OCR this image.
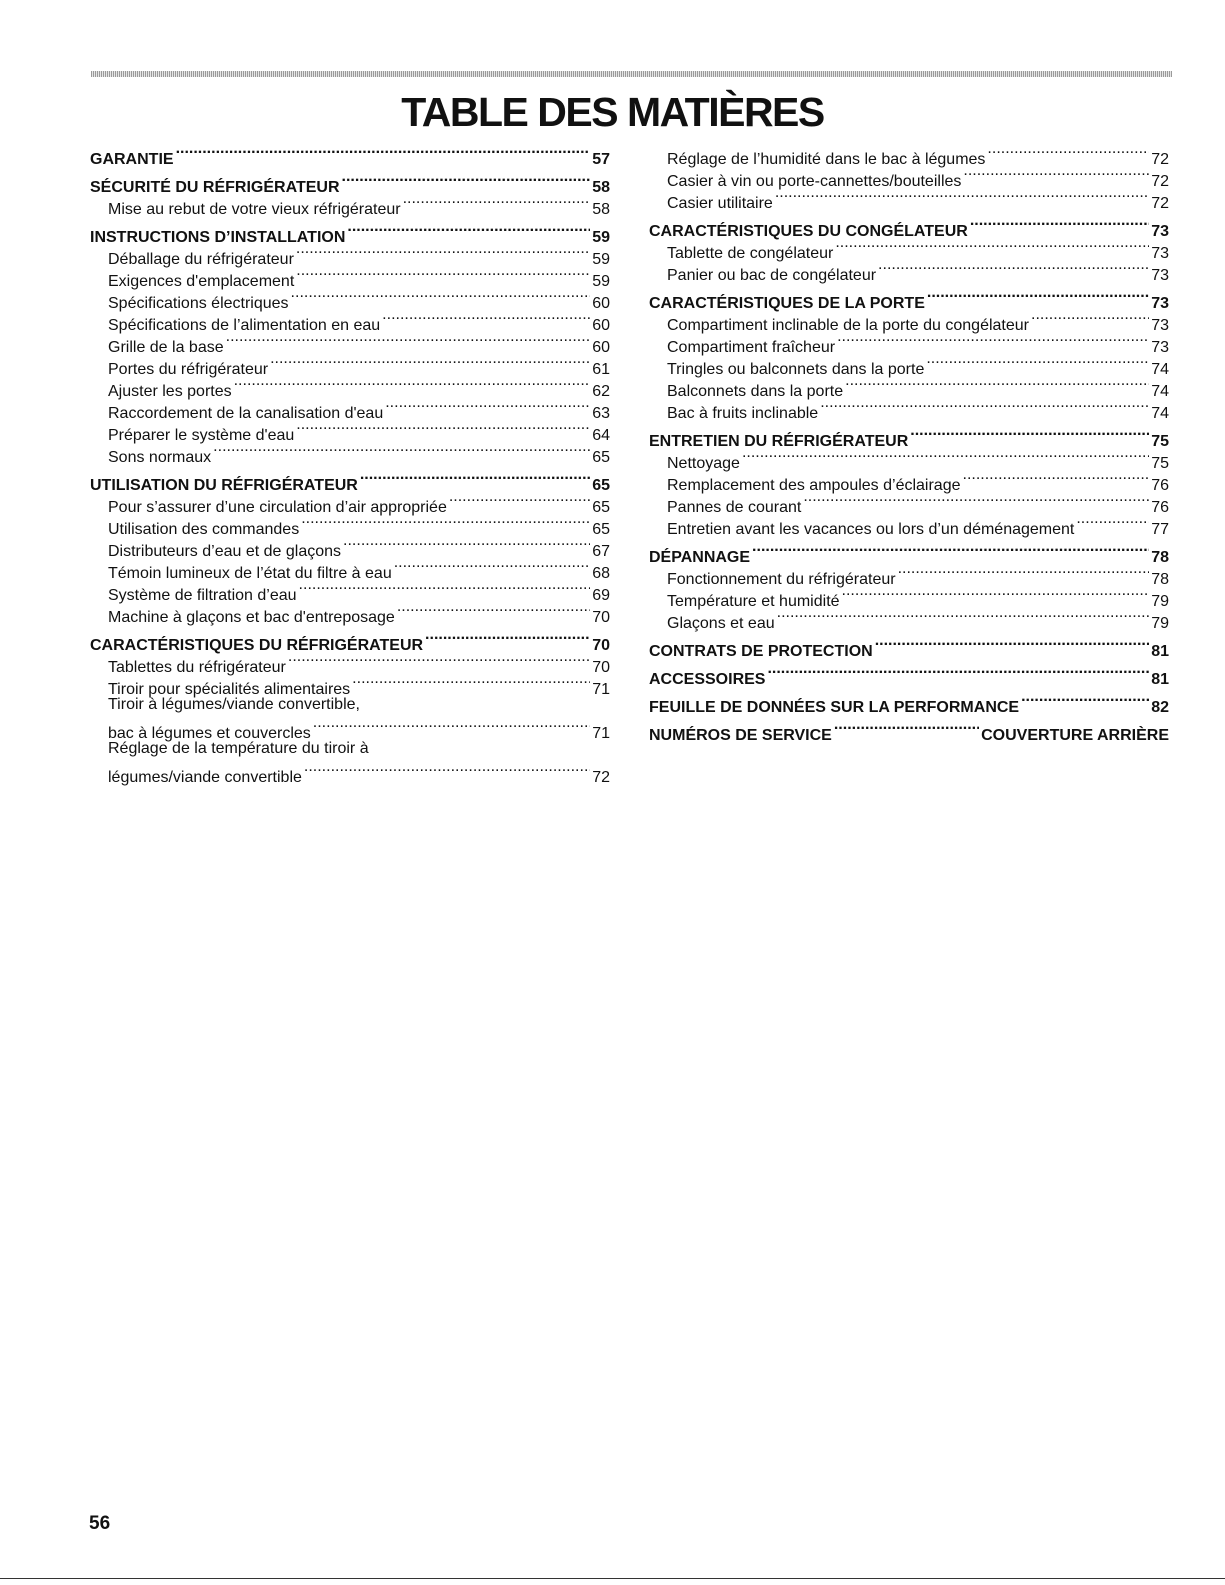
TABLE DES MATIÈRES
GARANTIE .....	57
SÉCURITÉ DU RÉFRIGÉRATEUR .....	58
Mise au rebut de votre vieux réfrigérateur .....	58
INSTRUCTIONS D’INSTALLATION .....	59
Déballage du réfrigérateur .....	59
Exigences d'emplacement .....	59
Spécifications électriques .....	60
Spécifications de l’alimentation en eau .....	60
Grille de la base .....	60
Portes du réfrigérateur .....	61
Ajuster les portes .....	62
Raccordement de la canalisation d'eau .....	63
Préparer le système d'eau .....	64
Sons normaux .....	65
UTILISATION DU RÉFRIGÉRATEUR .....	65
Pour s’assurer d’une circulation d’air appropriée .....	65
Utilisation des commandes .....	65
Distributeurs d’eau et de glaçons .....	67
Témoin lumineux de l’état du filtre à eau .....	68
Système de filtration d’eau .....	69
Machine à glaçons et bac d'entreposage .....	70
CARACTÉRISTIQUES DU RÉFRIGÉRATEUR .....	70
Tablettes du réfrigérateur .....	70
Tiroir pour spécialités alimentaires .....	71
Tiroir à légumes/viande convertible,
bac à légumes et couvercles .....	71
Réglage de la température du tiroir à
légumes/viande convertible .....	72
Réglage de l’humidité dans le bac à légumes .....	72
Casier à vin ou porte-cannettes/bouteilles .....	72
Casier utilitaire .....	72
CARACTÉRISTIQUES DU CONGÉLATEUR .....	73
Tablette de congélateur .....	73
Panier ou bac de congélateur .....	73
CARACTÉRISTIQUES DE LA PORTE .....	73
Compartiment inclinable de la porte du congélateur .....	73
Compartiment fraîcheur .....	73
Tringles ou balconnets dans la porte .....	74
Balconnets dans la porte .....	74
Bac à fruits inclinable .....	74
ENTRETIEN DU RÉFRIGÉRATEUR .....	75
Nettoyage .....	75
Remplacement des ampoules d’éclairage .....	76
Pannes de courant .....	76
Entretien avant les vacances ou lors d’un déménagement .....	77
DÉPANNAGE .....	78
Fonctionnement du réfrigérateur .....	78
Température et humidité .....	79
Glaçons et eau .....	79
CONTRATS DE PROTECTION .....	81
ACCESSOIRES .....	81
FEUILLE DE DONNÉES SUR LA PERFORMANCE .....	82
NUMÉROS DE SERVICE .....	COUVERTURE ARRIÈRE
56
